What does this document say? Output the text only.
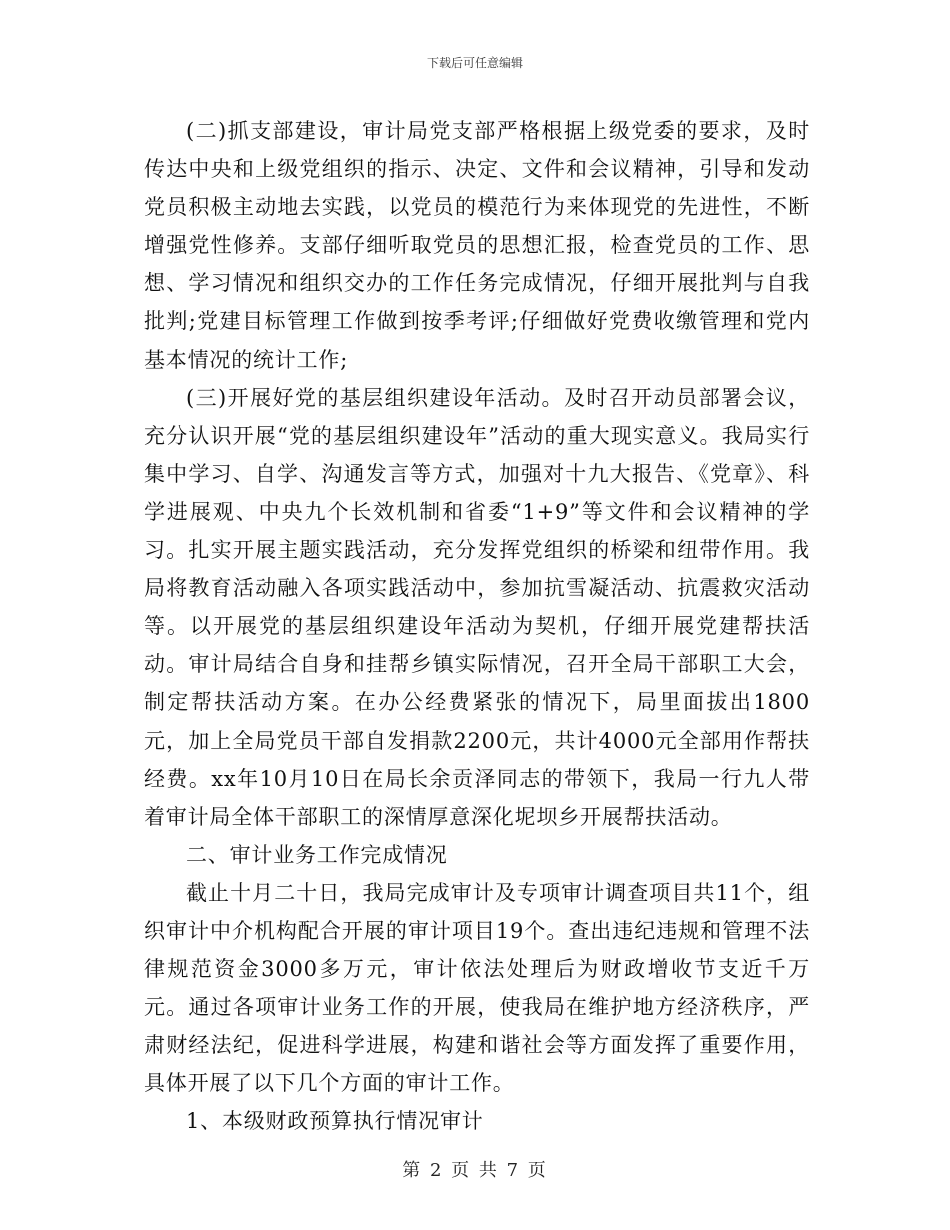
下载后可任意编辑

(二)抓支部建设，审计局党支部严格根据上级党委的要求，及时传达中央和上级党组织的指示、决定、文件和会议精神，引导和发动党员积极主动地去实践，以党员的模范行为来体现党的先进性，不断增强党性修养。支部仔细听取党员的思想汇报，检查党员的工作、思想、学习情况和组织交办的工作任务完成情况，仔细开展批判与自我批判;党建目标管理工作做到按季考评;仔细做好党费收缴管理和党内基本情况的统计工作;

(三)开展好党的基层组织建设年活动。及时召开动员部署会议，充分认识开展“党的基层组织建设年”活动的重大现实意义。我局实行集中学习、自学、沟通发言等方式，加强对十九大报告、《党章》、科学进展观、中央九个长效机制和省委“1+9”等文件和会议精神的学习。扎实开展主题实践活动，充分发挥党组织的桥梁和纽带作用。我局将教育活动融入各项实践活动中，参加抗雪凝活动、抗震救灾活动等。以开展党的基层组织建设年活动为契机，仔细开展党建帮扶活动。审计局结合自身和挂帮乡镇实际情况，召开全局干部职工大会，制定帮扶活动方案。在办公经费紧张的情况下，局里面拔出1800元，加上全局党员干部自发捐款2200元，共计4000元全部用作帮扶经费。xx年10月10日在局长余贡泽同志的带领下，我局一行九人带着审计局全体干部职工的深情厚意深化坭坝乡开展帮扶活动。

二、审计业务工作完成情况

截止十月二十日，我局完成审计及专项审计调查项目共11个，组织审计中介机构配合开展的审计项目19个。查出违纪违规和管理不法律规范资金3000多万元，审计依法处理后为财政增收节支近千万元。通过各项审计业务工作的开展，使我局在维护地方经济秩序，严肃财经法纪，促进科学进展，构建和谐社会等方面发挥了重要作用，具体开展了以下几个方面的审计工作。

1、本级财政预算执行情况审计

第 2 页 共 7 页
